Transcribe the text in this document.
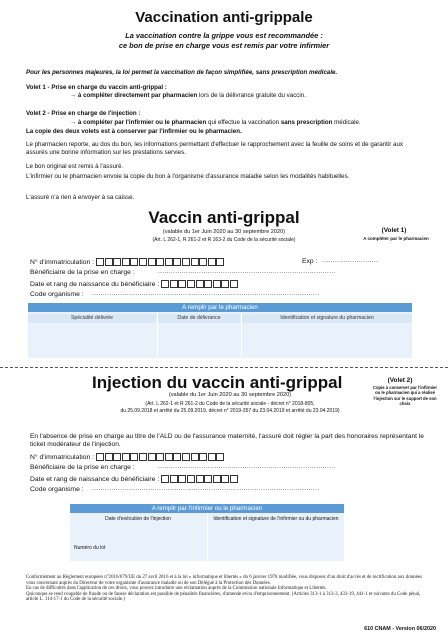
Vaccination anti-grippale
La vaccination contre la grippe vous est recommandée :
ce bon de prise en charge vous est remis par votre infirmier
Pour les personnes majeures, la loi permet la vaccination de façon simplifiée, sans prescription médicale.
Volet 1 - Prise en charge du vaccin anti-grippal :
→ à compléter directement par pharmacien lors de la délivrance gratuite du vaccin.
Volet 2 - Prise en charge de l'injection :
→ à compléter par l'infirmier ou le pharmacien qui effectue la vaccination sans prescription médicale.
La copie des deux volets est à conserver par l'infirmier ou le pharmacien.
Le pharmacien reporte, au dos du bon, les informations permettant d'effectuer le rapprochement avec la feuille de soins et de garantir aux assurés une bonne information sur les prestations servies.
Le bon original est remis à l'assuré.
L'infirmier ou le pharmacien envoie la copie du bon à l'organisme d'assurance maladie selon les modalités habituelles.
L'assuré n'a rien à envoyer à sa caisse.
Vaccin anti-grippal
(valable du 1er Juin 2020 au 30 septembre 2020)
(Art. L 262-1, R 261-2 et R 163-2 du Code de la sécurité sociale)
(Volet 1)
A compléter par le pharmacien
N° d'immatriculation :	Exp : ..........................
Bénéficiaire de la prise en charge :	..................................................................................
Date et rang de naissance du bénéficiaire :
Code organisme : .........................................................................................................
A remplir par le pharmacien
Spécialité délivrée	Date de délivrance	Identification et signature du pharmacien
Injection du vaccin anti-grippal
(valable du 1er Juin 2020 au 30 septembre 2020)
(Art. L 262-1 et R 261-2 du Code de la sécurité sociale - décret n° 2018-805,
du 25.09.2018 et arrêté du 25.09.2019, décret n° 2019-357 du 23.04.2019 et arrêté du 23.04.2019)
(Volet 2)
Copie à conserver par l'infirmier ou le pharmacien qui a réalisé l'injection sur le support de son choix
En l'absence de prise en charge au titre de l'ALD ou de l'assurance maternité, l'assuré doit régler la part des honoraires représentant le ticket modérateur de l'injection.
N° d'immatriculation :
Bénéficiaire de la prise en charge :	..................................................................................
Date et rang de naissance du bénéficiaire :
Code organisme : .........................................................................................................
A remplir par l'infirmier ou le pharmacien
Date d'exécution de l'injection	Identification et signature de l'infirmier ou du pharmacien
Numéro du lot
Conformément au Règlement européen n°2016/679/UE du 27 avril 2016 et à la loi « informatique et libertés » du 6 janvier 1978 modifiée, vous disposez d'un droit d'accès et de rectification aux données vous concernant auprès du Directeur de votre organisme d'assurance maladie ou de son Délégué à la Protection des Données.
En cas de difficultés dans l'application de ces droits, vous pouvez introduire une réclamation auprès de la Commission nationale Informatique et Libertés.
Quiconque se rend coupable de fraude ou de fausse déclaration est passible de pénalités financières, d'amende et/ou d'emprisonnement. (Articles 313-1 à 313-3, 433-19, 441-1 et suivants du Code pénal, article L. 114-17-1 du Code de la sécurité sociale.)
610 CNAM - Version 06/2020
